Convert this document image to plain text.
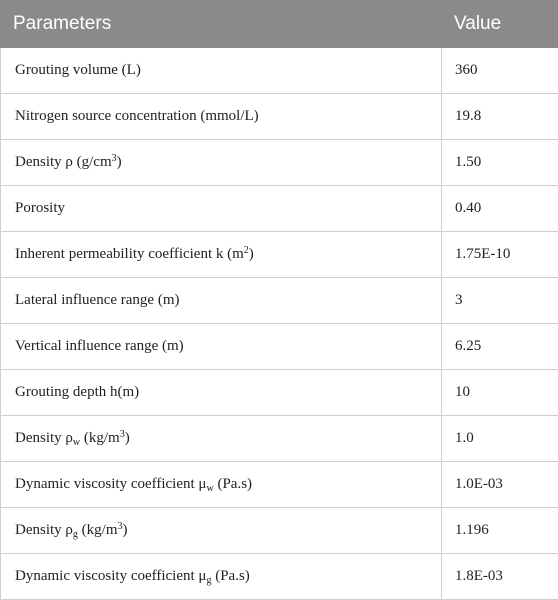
Parameters	Value
Grouting volume (L)	360
Nitrogen source concentration (mmol/L)	19.8
Density ρ $(g/cm^3)$	1.50
Porosity	0.40
Inherent permeability coefficient k $(m^2)$	1.75E-10
Lateral influence range (m)	3
Vertical influence range (m)	6.25
Grouting depth h(m)	10
Density $\rho_w$ $(kg/m^3)$	1.0
Dynamic viscosity coefficient $\mu_w$ (Pa.s)	1.0E-03
Density $\rho_g$ $(kg/m^3)$	1.196
Dynamic viscosity coefficient $\mu_g$ (Pa.s)	1.8E-03
